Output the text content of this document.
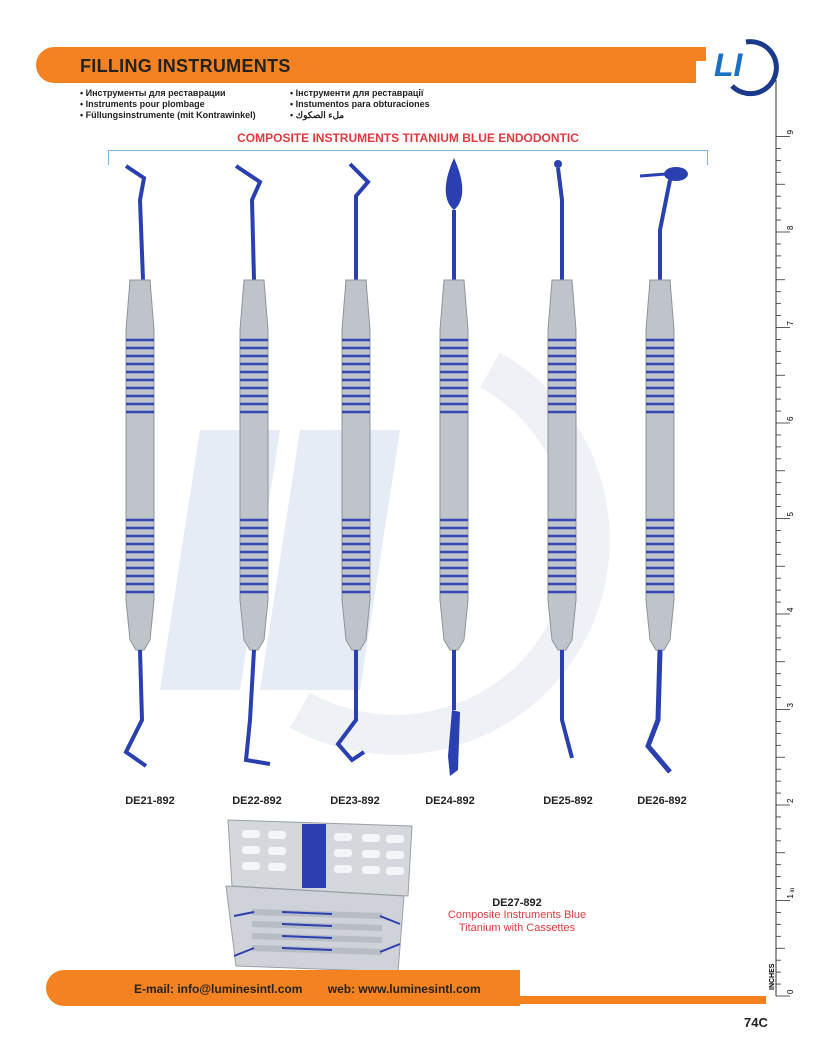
FILLING INSTRUMENTS	LI
• Инструменты для реставрации
• Instruments pour plombage
• Füllungsinstrumente (mit Kontrawinkel)
• Інструменти для реставрації
• Instumentos para obturaciones
• ملء الصكوك
COMPOSITE INSTRUMENTS TITANIUM BLUE ENDODONTIC
DE21-892	DE22-892	DE23-892	DE24-892	DE25-892	DE26-892
DE27-892
Composite Instruments Blue
Titanium with Cassettes
E-mail: info@luminesintl.com web: www.luminesintl.com
74C
0
1
2
3
4
5
6
7
8
9
INCHES
in
